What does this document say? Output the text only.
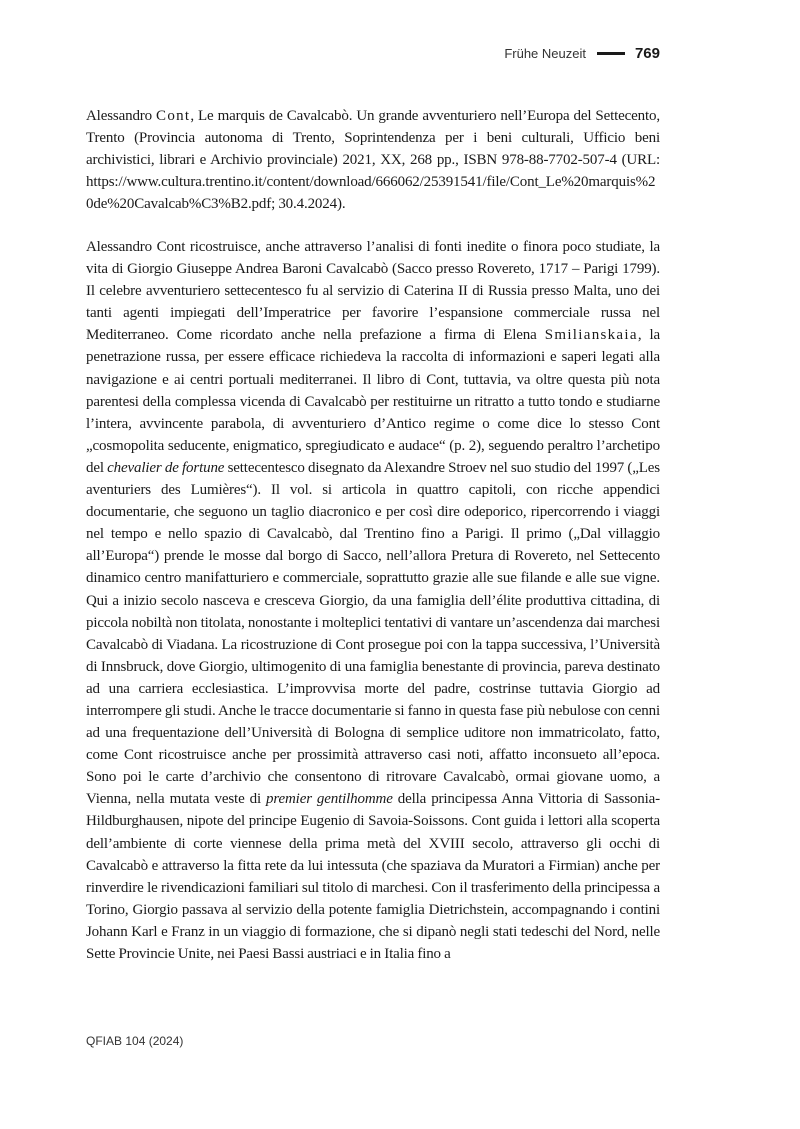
Frühe Neuzeit	769

Alessandro Cont, Le marquis de Cavalcabò. Un grande avventuriero nell’Europa del Settecento, Trento (Provincia autonoma di Trento, Soprintendenza per i beni culturali, Ufficio beni archivistici, librari e Archivio provinciale) 2021, XX, 268 pp., ISBN 978-88-7702-507-4 (URL: https://www.cultura.trentino.it/content/download/666062/25391541/file/Cont_Le%20marquis%20de%20Cavalcab%C3%B2.pdf; 30.4.2024).

Alessandro Cont ricostruisce, anche attraverso l’analisi di fonti inedite o finora poco studiate, la vita di Giorgio Giuseppe Andrea Baroni Cavalcabò (Sacco presso Rovereto, 1717 – Parigi 1799). Il celebre avventuriero settecentesco fu al servizio di Caterina II di Russia presso Malta, uno dei tanti agenti impiegati dell’Imperatrice per favorire l’espansione commerciale russa nel Mediterraneo. Come ricordato anche nella prefazione a firma di Elena Smilianskaia, la penetrazione russa, per essere efficace richiedeva la raccolta di informazioni e saperi legati alla navigazione e ai centri portuali mediterranei. Il libro di Cont, tuttavia, va oltre questa più nota parentesi della complessa vicenda di Cavalcabò per restituirne un ritratto a tutto tondo e studiarne l’intera, avvincente parabola, di avventuriero d’Antico regime o come dice lo stesso Cont „cosmopolita seducente, enigmatico, spregiudicato e audace“ (p. 2), seguendo peraltro l’archetipo del chevalier de fortune settecentesco disegnato da Alexandre Stroev nel suo studio del 1997 („Les aventuriers des Lumières“). Il vol. si articola in quattro capitoli, con ricche appendici documentarie, che seguono un taglio diacronico e per così dire odeporico, ripercorrendo i viaggi nel tempo e nello spazio di Cavalcabò, dal Trentino fino a Parigi. Il primo („Dal villaggio all’Europa“) prende le mosse dal borgo di Sacco, nell’allora Pretura di Rovereto, nel Settecento dinamico centro manifatturiero e commerciale, soprattutto grazie alle sue filande e alle sue vigne. Qui a inizio secolo nasceva e cresceva Giorgio, da una famiglia dell’élite produttiva cittadina, di piccola nobiltà non titolata, nonostante i molteplici tentativi di vantare un’ascendenza dai marchesi Cavalcabò di Viadana. La ricostruzione di Cont prosegue poi con la tappa successiva, l’Università di Innsbruck, dove Giorgio, ultimogenito di una famiglia benestante di provincia, pareva destinato ad una carriera ecclesiastica. L’improvvisa morte del padre, costrinse tuttavia Giorgio ad interrompere gli studi. Anche le tracce documentarie si fanno in questa fase più nebulose con cenni ad una frequentazione dell’Università di Bologna di semplice uditore non immatricolato, fatto, come Cont ricostruisce anche per prossimità attraverso casi noti, affatto inconsueto all’epoca. Sono poi le carte d’archivio che consentono di ritrovare Cavalcabò, ormai giovane uomo, a Vienna, nella mutata veste di premier gentilhomme della principessa Anna Vittoria di Sassonia-Hildburghausen, nipote del principe Eugenio di Savoia-Soissons. Cont guida i lettori alla scoperta dell’ambiente di corte viennese della prima metà del XVIII secolo, attraverso gli occhi di Cavalcabò e attraverso la fitta rete da lui intessuta (che spaziava da Muratori a Firmian) anche per rinverdire le rivendicazioni familiari sul titolo di marchesi. Con il trasferimento della principessa a Torino, Giorgio passava al servizio della potente famiglia Dietrichstein, accompagnando i contini Johann Karl e Franz in un viaggio di formazione, che si dipanò negli stati tedeschi del Nord, nelle Sette Provincie Unite, nei Paesi Bassi austriaci e in Italia fino a

QFIAB 104 (2024)
